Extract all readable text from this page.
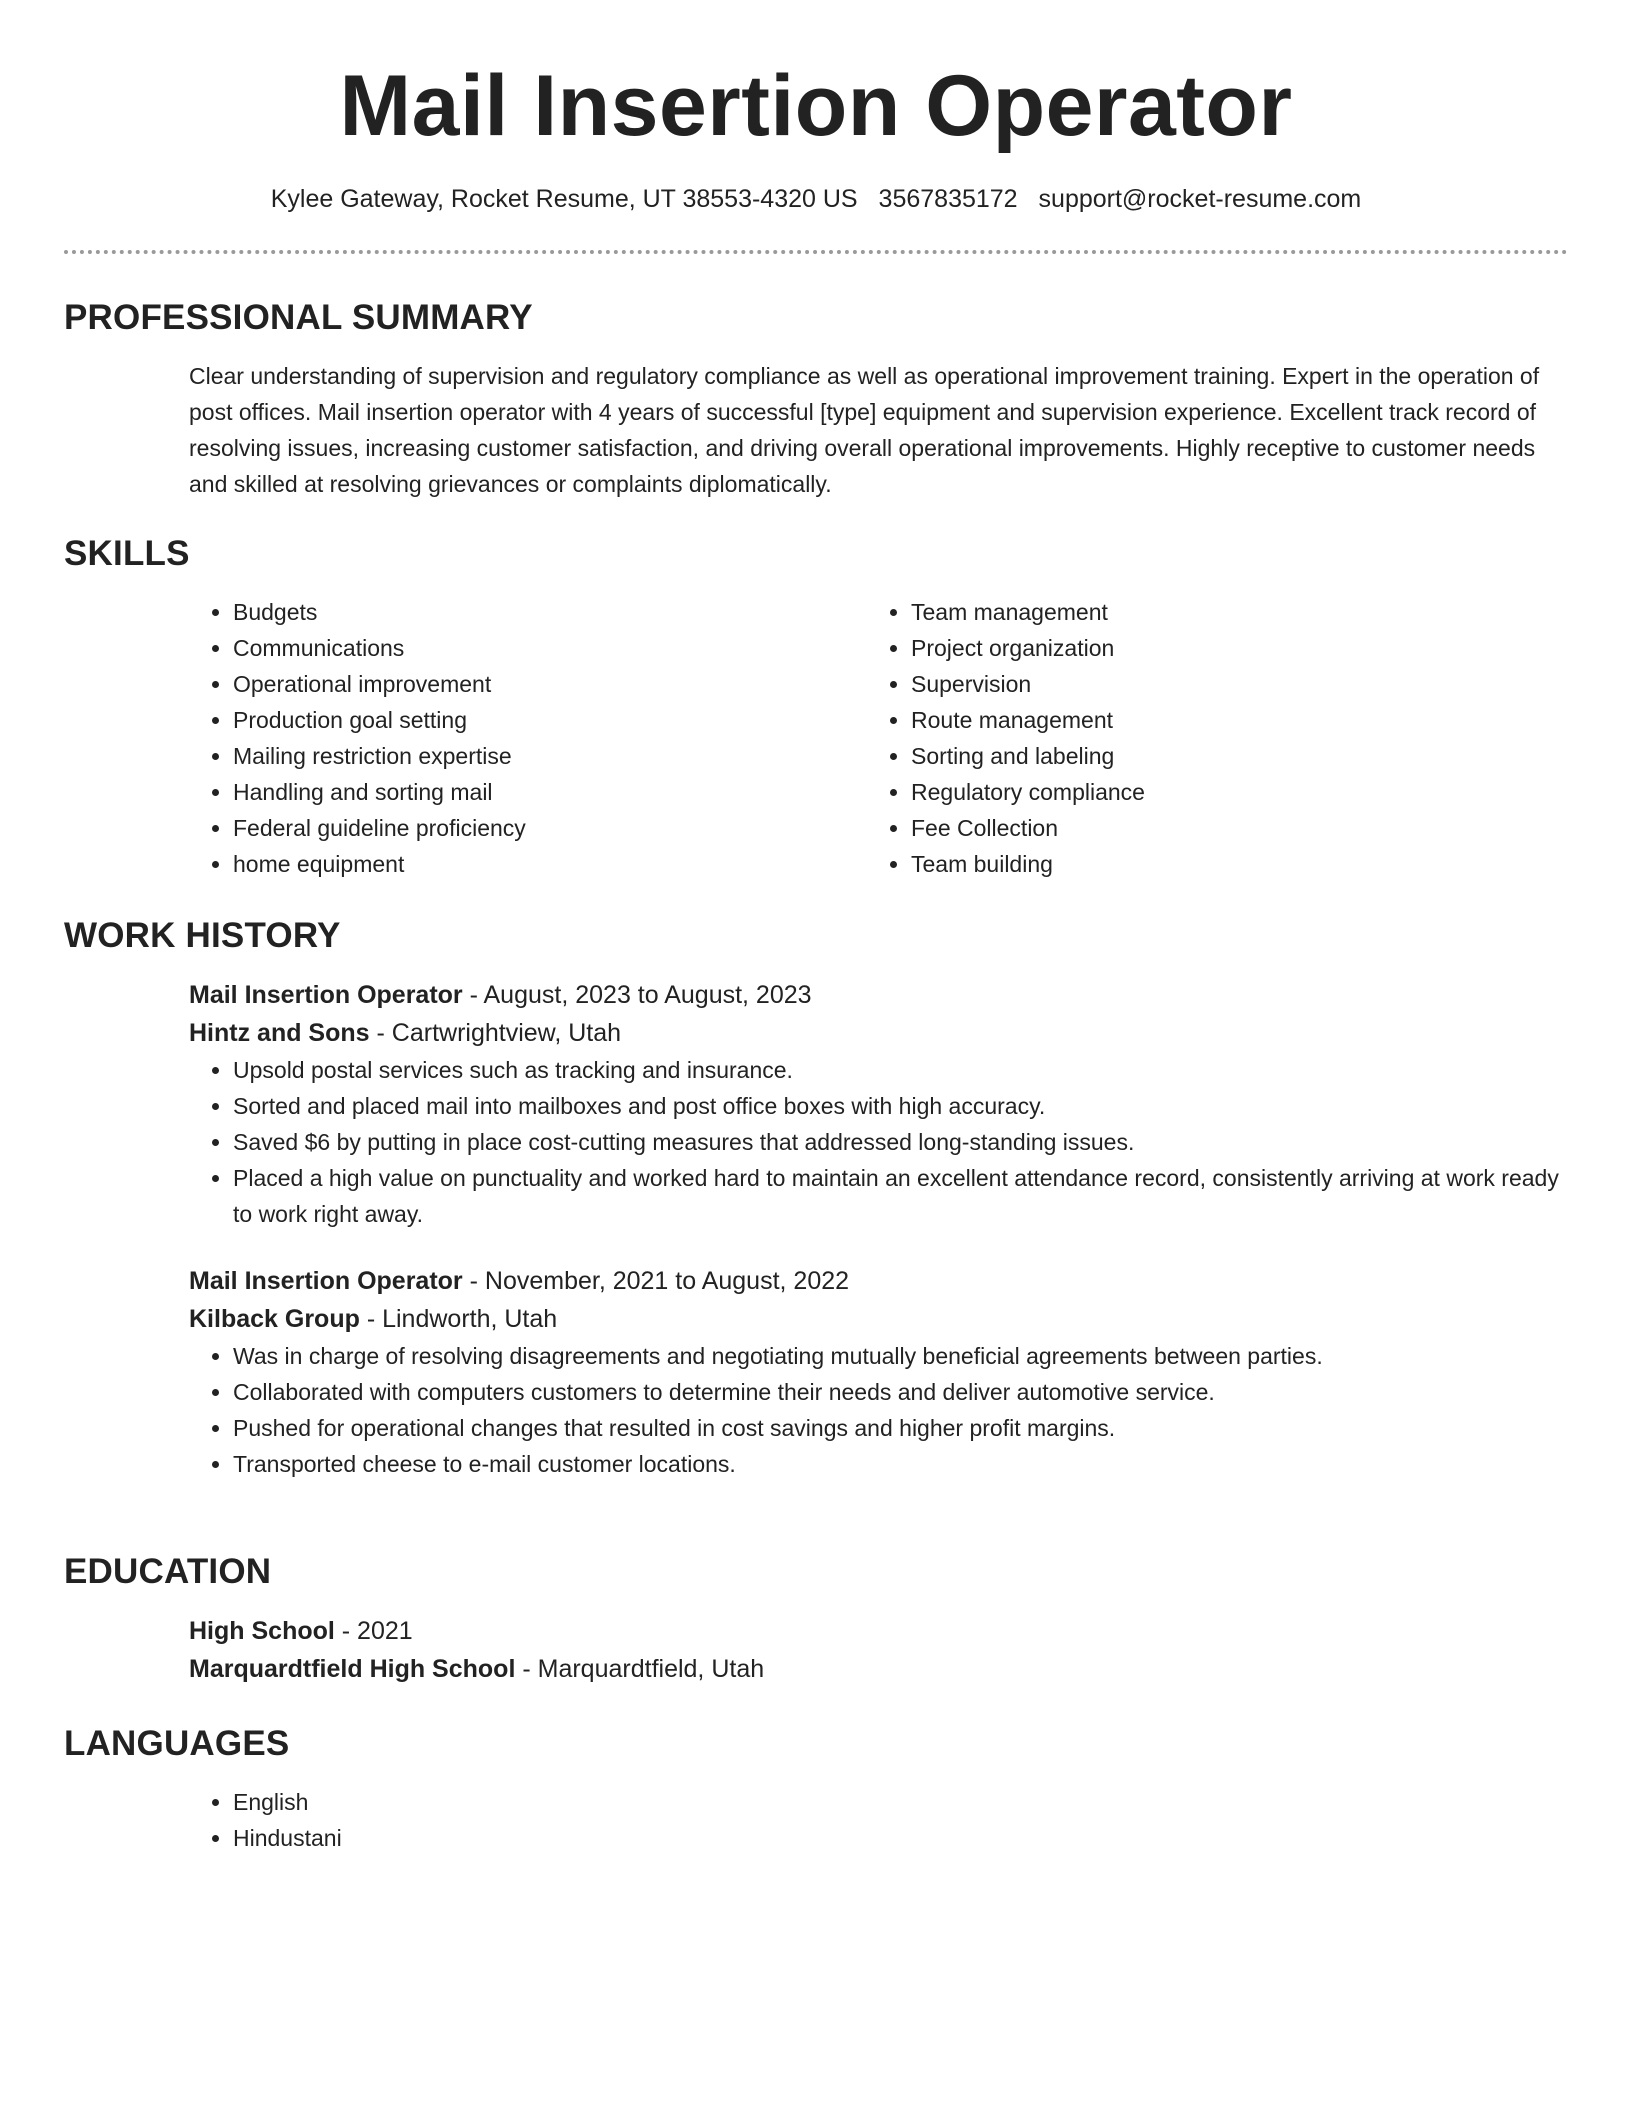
Mail Insertion Operator
Kylee Gateway, Rocket Resume, UT 38553-4320 US 3567835172 support@rocket-resume.com
PROFESSIONAL SUMMARY

Clear understanding of supervision and regulatory compliance as well as operational improvement training. Expert in the operation of post offices. Mail insertion operator with 4 years of successful [type] equipment and supervision experience. Excellent track record of resolving issues, increasing customer satisfaction, and driving overall operational improvements. Highly receptive to customer needs and skilled at resolving grievances or complaints diplomatically.

SKILLS
• Budgets
• Communications
• Operational improvement
• Production goal setting
• Mailing restriction expertise
• Handling and sorting mail
• Federal guideline proficiency
• home equipment
• Team management
• Project organization
• Supervision
• Route management
• Sorting and labeling
• Regulatory compliance
• Fee Collection
• Team building
WORK HISTORY
Mail Insertion Operator - August, 2023 to August, 2023
Hintz and Sons - Cartwrightview, Utah
• Upsold postal services such as tracking and insurance.
• Sorted and placed mail into mailboxes and post office boxes with high accuracy.
• Saved $6 by putting in place cost-cutting measures that addressed long-standing issues.
• Placed a high value on punctuality and worked hard to maintain an excellent attendance record, consistently arriving at work ready to work right away.
Mail Insertion Operator - November, 2021 to August, 2022
Kilback Group - Lindworth, Utah
• Was in charge of resolving disagreements and negotiating mutually beneficial agreements between parties.
• Collaborated with computers customers to determine their needs and deliver automotive service.
• Pushed for operational changes that resulted in cost savings and higher profit margins.
• Transported cheese to e-mail customer locations.
EDUCATION
High School - 2021
Marquardtfield High School - Marquardtfield, Utah
LANGUAGES
• English
• Hindustani
